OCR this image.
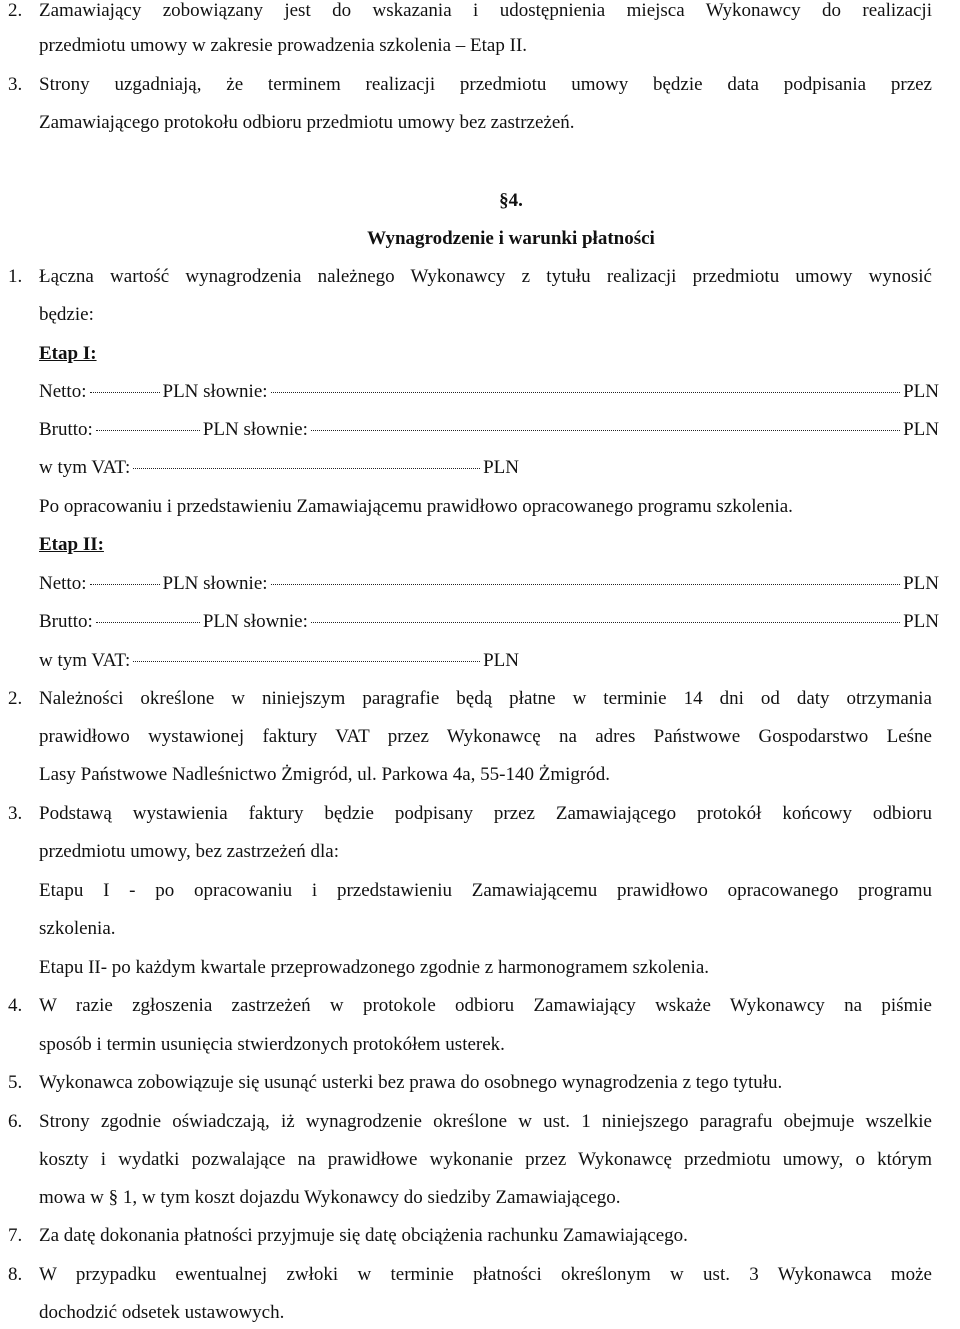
2. Zamawiający zobowiązany jest do wskazania i udostępnienia miejsca Wykonawcy do realizacji
przedmiotu umowy w zakresie prowadzenia szkolenia – Etap II.
3. Strony uzgadniają, że terminem realizacji przedmiotu umowy będzie data podpisania przez
Zamawiającego protokołu odbioru przedmiotu umowy bez zastrzeżeń.
§4.
Wynagrodzenie i warunki płatności
1. Łączna wartość wynagrodzenia należnego Wykonawcy z tytułu realizacji przedmiotu umowy wynosić
będzie:
Etap I:
Netto:	PLN słownie:	PLN
Brutto:	PLN słownie:	PLN
w tym VAT:	PLN
Po opracowaniu i przedstawieniu Zamawiającemu prawidłowo opracowanego programu szkolenia.
Etap II:
Netto:	PLN słownie:	PLN
Brutto:	PLN słownie:	PLN
w tym VAT:	PLN
2. Należności określone w niniejszym paragrafie będą płatne w terminie 14 dni od daty otrzymania
prawidłowo wystawionej faktury VAT przez Wykonawcę na adres Państwowe Gospodarstwo Leśne
Lasy Państwowe Nadleśnictwo Żmigród, ul. Parkowa 4a, 55-140 Żmigród.
3. Podstawą wystawienia faktury będzie podpisany przez Zamawiającego protokół końcowy odbioru
przedmiotu umowy, bez zastrzeżeń dla:
Etapu I - po opracowaniu i przedstawieniu Zamawiającemu prawidłowo opracowanego programu
szkolenia.
Etapu II- po każdym kwartale przeprowadzonego zgodnie z harmonogramem szkolenia.
4. W razie zgłoszenia zastrzeżeń w protokole odbioru Zamawiający wskaże Wykonawcy na piśmie
sposób i termin usunięcia stwierdzonych protokółem usterek.
5. Wykonawca zobowiązuje się usunąć usterki bez prawa do osobnego wynagrodzenia z tego tytułu.
6. Strony zgodnie oświadczają, iż wynagrodzenie określone w ust. 1 niniejszego paragrafu obejmuje wszelkie
koszty i wydatki pozwalające na prawidłowe wykonanie przez Wykonawcę przedmiotu umowy, o którym
mowa w § 1, w tym koszt dojazdu Wykonawcy do siedziby Zamawiającego.
7. Za datę dokonania płatności przyjmuje się datę obciążenia rachunku Zamawiającego.
8. W przypadku ewentualnej zwłoki w terminie płatności określonym w ust. 3 Wykonawca może
dochodzić odsetek ustawowych.
